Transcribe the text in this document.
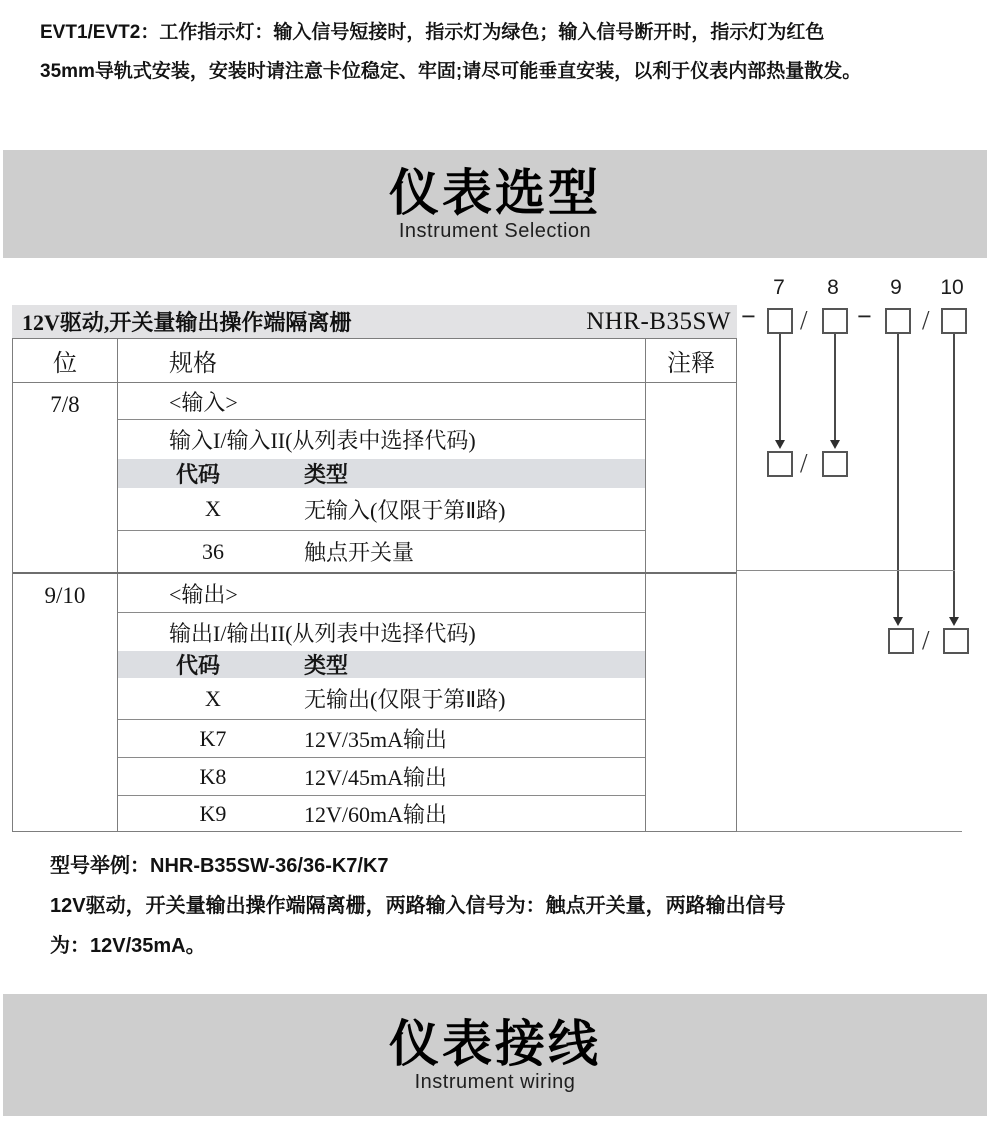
EVT1/EVT2：工作指示灯：输入信号短接时，指示灯为绿色；输入信号断开时，指示灯为红色
35mm导轨式安装，安装时请注意卡位稳定、牢固;请尽可能垂直安装，以利于仪表内部热量散发。
仪表选型
Instrument Selection
12V驱动,开关量输出操作端隔离栅	NHR-B35SW
7	8	9	10
− / − /
/
/
位	规格	注释
7/8	<输入>
输入I/输入II(从列表中选择代码)
代码	类型
X	无输入(仅限于第Ⅱ路)
36	触点开关量
9/10	<输出>
输出I/输出II(从列表中选择代码)
代码	类型
X	无输出(仅限于第Ⅱ路)
K7	12V/35mA输出
K8	12V/45mA输出
K9	12V/60mA输出
型号举例：NHR-B35SW-36/36-K7/K7
12V驱动，开关量输出操作端隔离栅，两路输入信号为：触点开关量，两路输出信号
为：12V/35mA。
仪表接线
Instrument wiring
